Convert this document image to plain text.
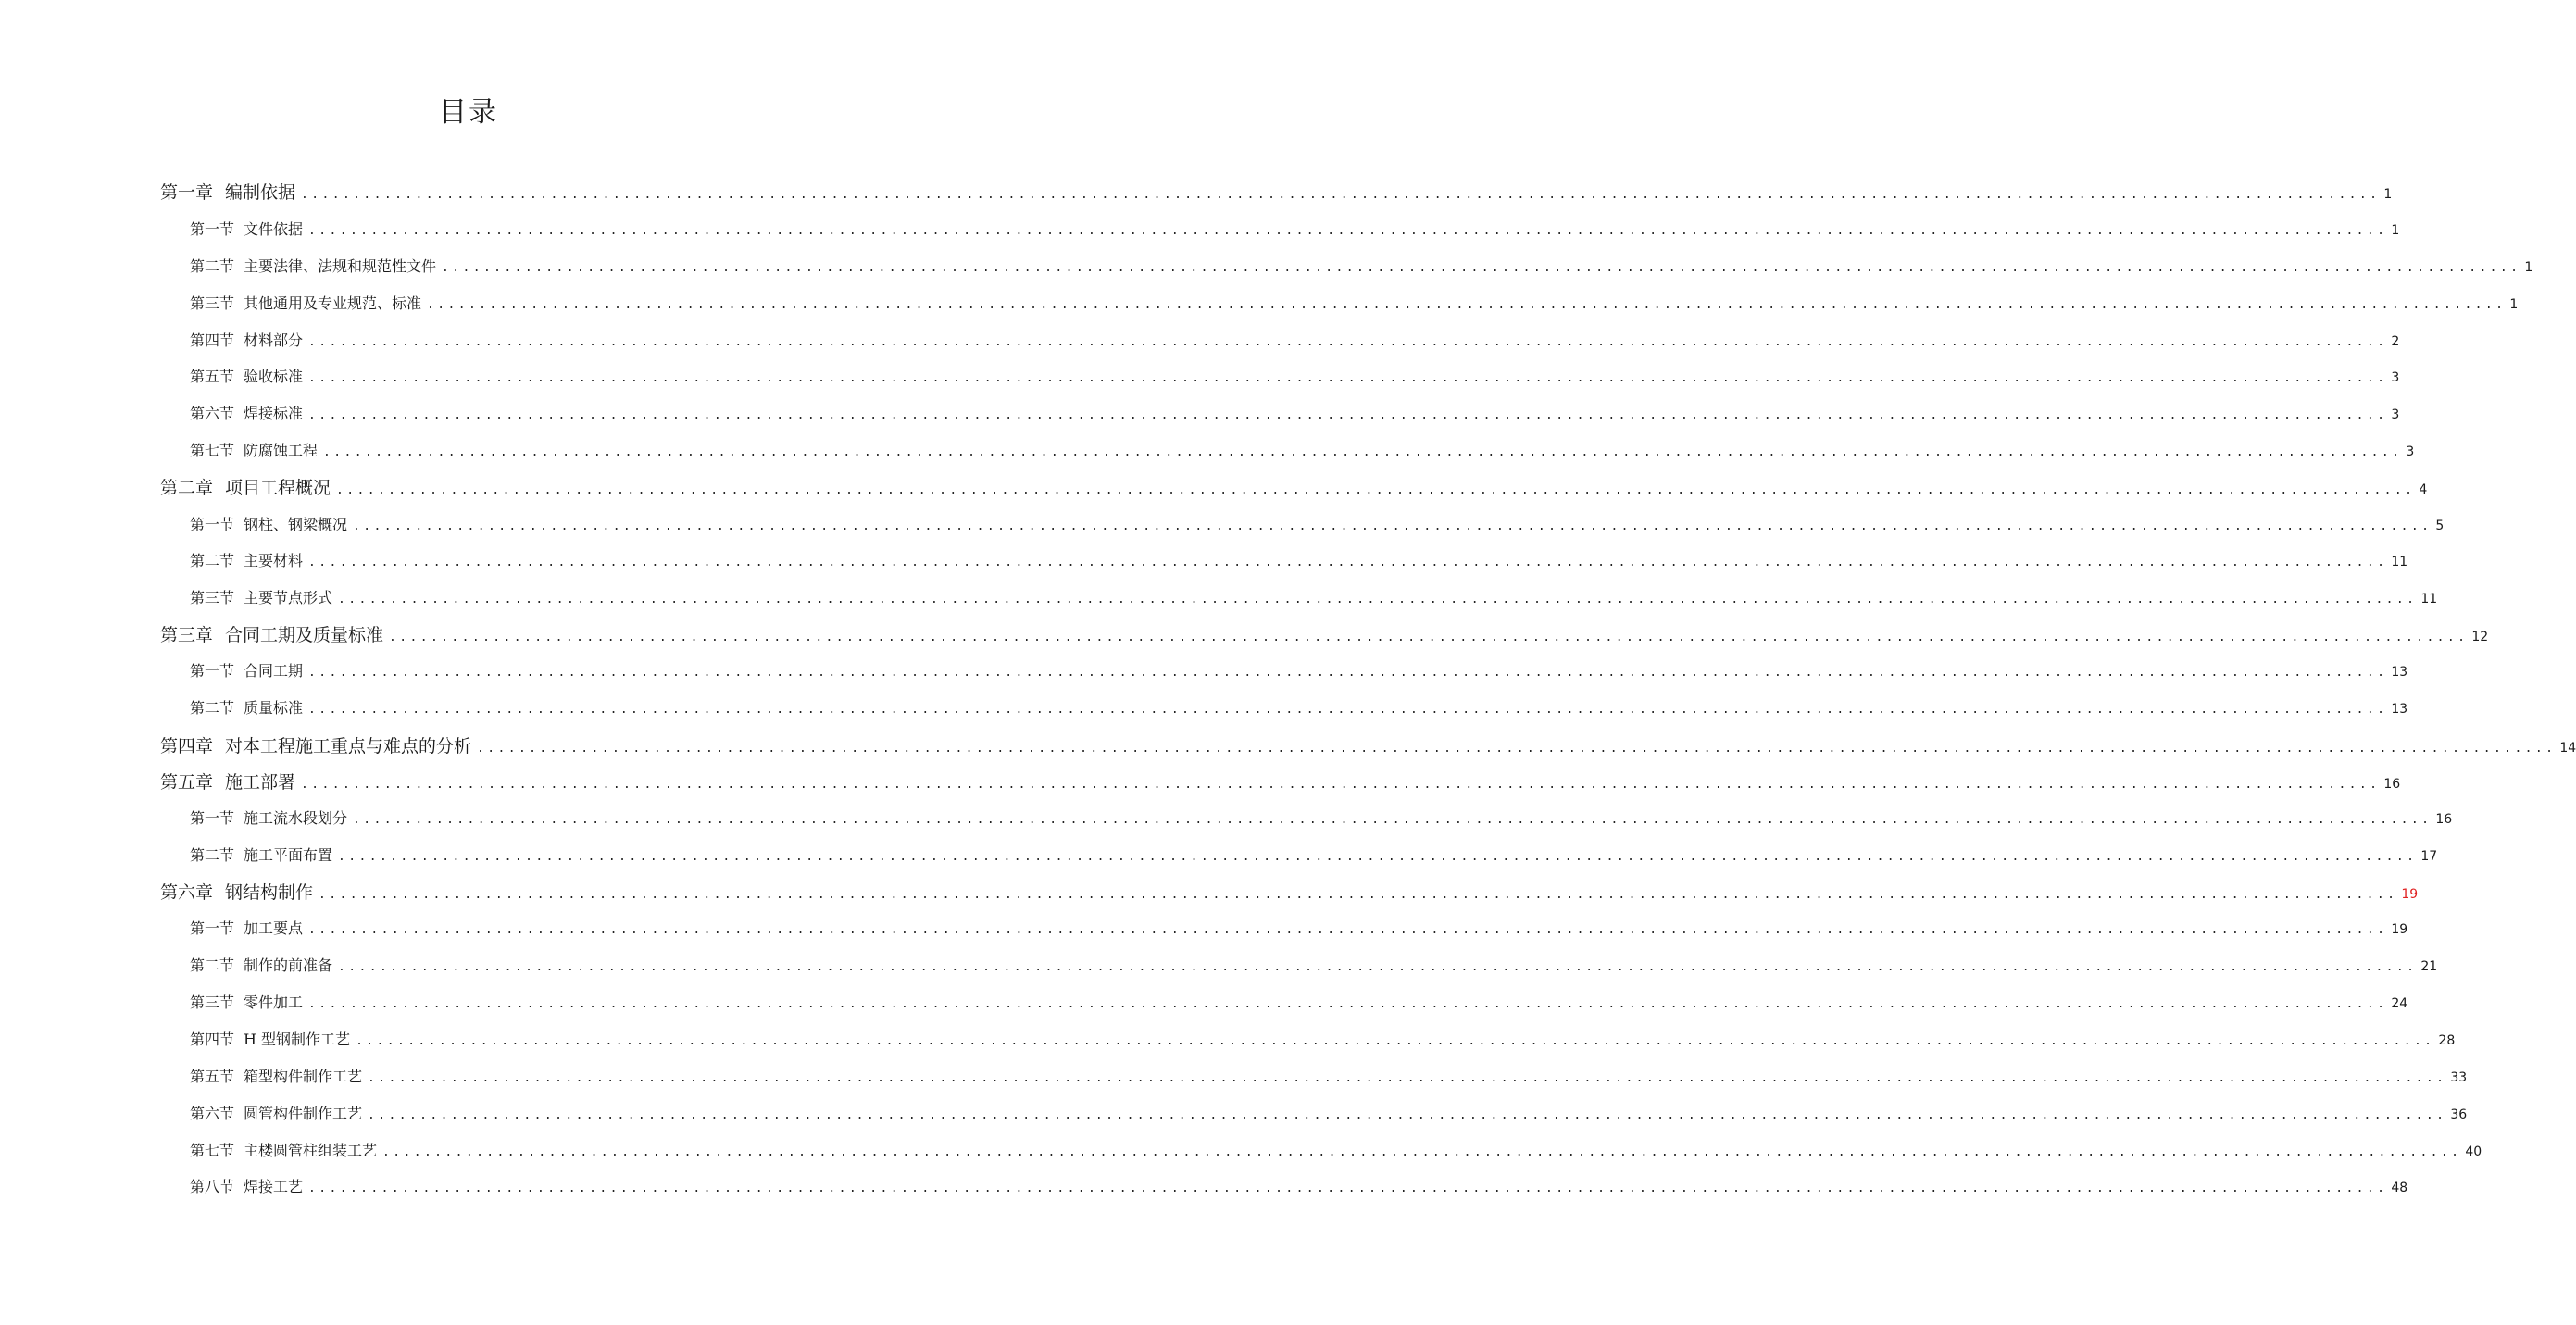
目录
第一章 编制依据 ........................................................................................................................................................................................................ 1
第一节 文件依据 ........................................................................................................................................................................................................ 1
第二节 主要法律、法规和规范性文件 ........................................................................................................................................................................................................ 1
第三节 其他通用及专业规范、标准 ........................................................................................................................................................................................................ 1
第四节 材料部分 ........................................................................................................................................................................................................ 2
第五节 验收标准 ........................................................................................................................................................................................................ 3
第六节 焊接标准 ........................................................................................................................................................................................................ 3
第七节 防腐蚀工程 ........................................................................................................................................................................................................ 3
第二章 项目工程概况 ........................................................................................................................................................................................................ 4
第一节 钢柱、钢梁概况 ........................................................................................................................................................................................................ 5
第二节 主要材料 ........................................................................................................................................................................................................ 11
第三节 主要节点形式 ........................................................................................................................................................................................................ 11
第三章 合同工期及质量标准 ........................................................................................................................................................................................................ 12
第一节 合同工期 ........................................................................................................................................................................................................ 13
第二节 质量标准 ........................................................................................................................................................................................................ 13
第四章 对本工程施工重点与难点的分析 ........................................................................................................................................................................................................ 14
第五章 施工部署 ........................................................................................................................................................................................................ 16
第一节 施工流水段划分 ........................................................................................................................................................................................................ 16
第二节 施工平面布置 ........................................................................................................................................................................................................ 17
第六章 钢结构制作 ........................................................................................................................................................................................................ 19
第一节 加工要点 ........................................................................................................................................................................................................ 19
第二节 制作的前准备 ........................................................................................................................................................................................................ 21
第三节 零件加工 ........................................................................................................................................................................................................ 24
第四节 H 型钢制作工艺 ........................................................................................................................................................................................................ 28
第五节 箱型构件制作工艺 ........................................................................................................................................................................................................ 33
第六节 圆管构件制作工艺 ........................................................................................................................................................................................................ 36
第七节 主楼圆管柱组装工艺 ........................................................................................................................................................................................................ 40
第八节 焊接工艺 ........................................................................................................................................................................................................ 48
